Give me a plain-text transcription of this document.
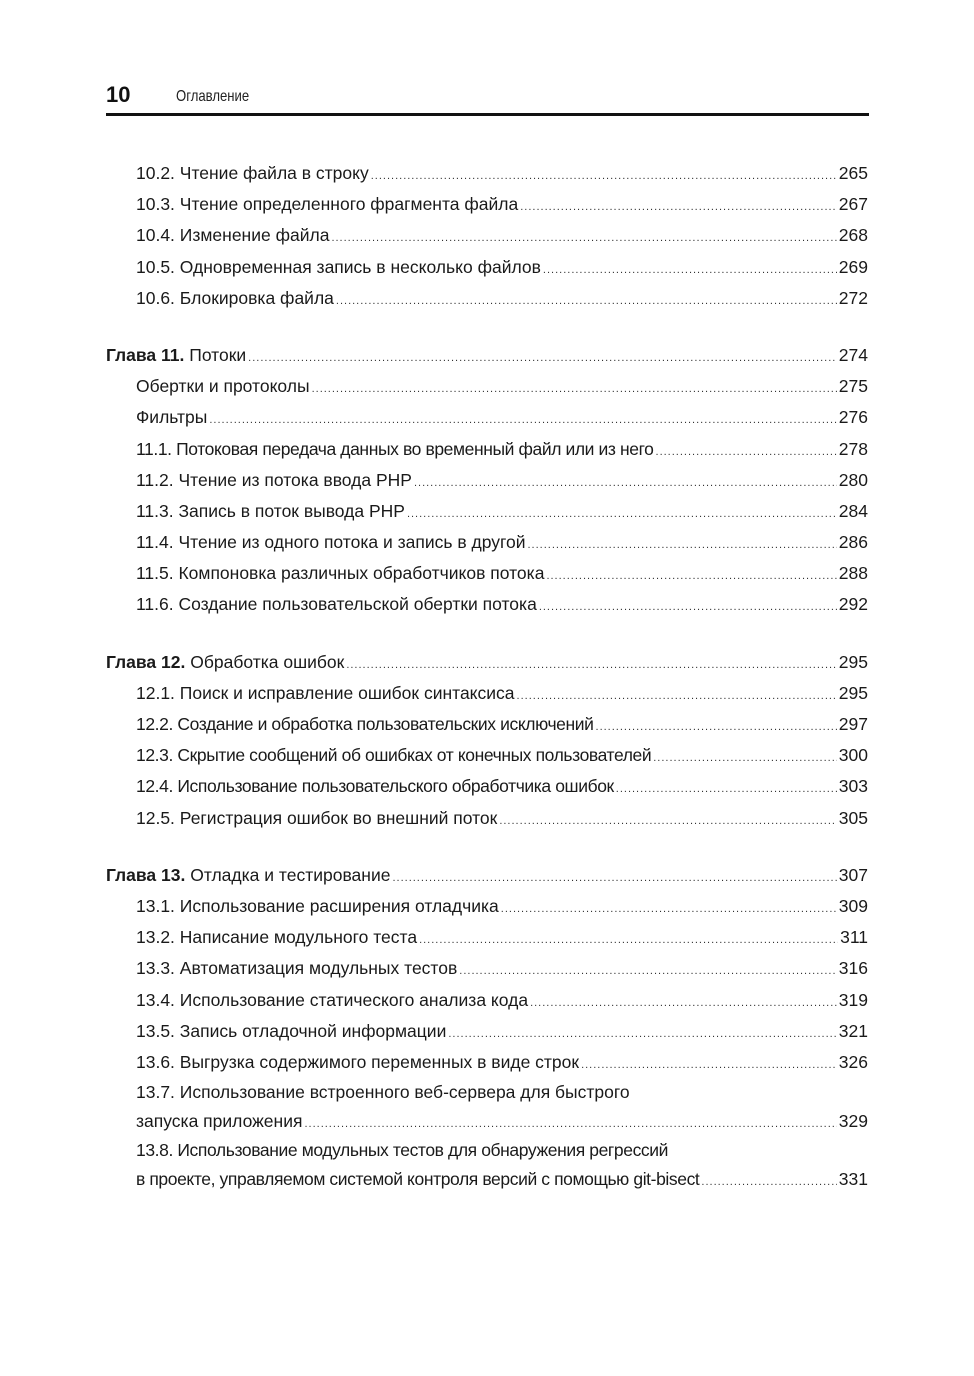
10	Оглавление
10.2. Чтение файла в строку .....	265
10.3. Чтение определенного фрагмента файла .....	267
10.4. Изменение файла .....	268
10.5. Одновременная запись в несколько файлов .....	269
10.6. Блокировка файла .....	272
Глава 11. Потоки .....	274
Обертки и протоколы .....	275
Фильтры .....	276
11.1. Потоковая передача данных во временный файл или из него .....	278
11.2. Чтение из потока ввода PHP .....	280
11.3. Запись в поток вывода PHP .....	284
11.4. Чтение из одного потока и запись в другой .....	286
11.5. Компоновка различных обработчиков потока .....	288
11.6. Создание пользовательской обертки потока .....	292
Глава 12. Обработка ошибок .....	295
12.1. Поиск и исправление ошибок синтаксиса .....	295
12.2. Создание и обработка пользовательских исключений .....	297
12.3. Скрытие сообщений об ошибках от конечных пользователей .....	300
12.4. Использование пользовательского обработчика ошибок .....	303
12.5. Регистрация ошибок во внешний поток .....	305
Глава 13. Отладка и тестирование .....	307
13.1. Использование расширения отладчика .....	309
13.2. Написание модульного теста .....	311
13.3. Автоматизация модульных тестов .....	316
13.4. Использование статического анализа кода .....	319
13.5. Запись отладочной информации .....	321
13.6. Выгрузка содержимого переменных в виде строк .....	326
13.7. Использование встроенного веб-сервера для быстрого
запуска приложения .....	329
13.8. Использование модульных тестов для обнаружения регрессий
в проекте, управляемом системой контроля версий с помощью git-bisect .....	331
